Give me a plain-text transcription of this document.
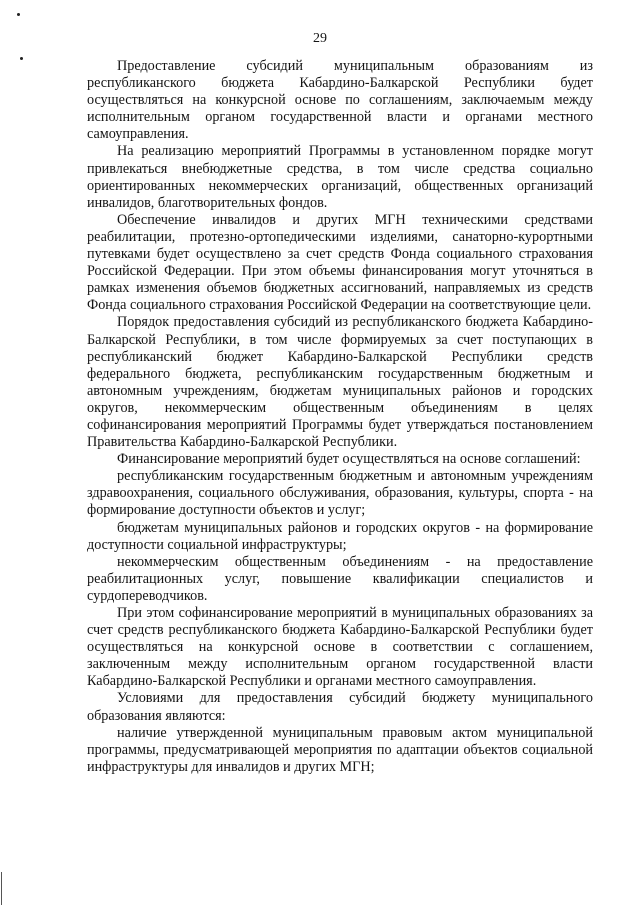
29

Предоставление субсидий муниципальным образованиям из республиканского бюджета Кабардино-Балкарской Республики будет осуществляться на конкурсной основе по соглашениям, заключаемым между исполнительным органом государственной власти и органами местного самоуправления.

На реализацию мероприятий Программы в установленном порядке могут привлекаться внебюджетные средства, в том числе средства социально ориентированных некоммерческих организаций, общественных организаций инвалидов, благотворительных фондов.

Обеспечение инвалидов и других МГН техническими средствами реабилитации, протезно-ортопедическими изделиями, санаторно-курортными путевками будет осуществлено за счет средств Фонда социального страхования Российской Федерации. При этом объемы финансирования могут уточняться в рамках изменения объемов бюджетных ассигнований, направляемых из средств Фонда социального страхования Российской Федерации на соответствующие цели.

Порядок предоставления субсидий из республиканского бюджета Кабардино-Балкарской Республики, в том числе формируемых за счет поступающих в республиканский бюджет Кабардино-Балкарской Республики средств федерального бюджета, республиканским государственным бюджетным и автономным учреждениям, бюджетам муниципальных районов и городских округов, некоммерческим общественным объединениям в целях софинансирования мероприятий Программы будет утверждаться постановлением Правительства Кабардино-Балкарской Республики.

Финансирование мероприятий будет осуществляться на основе соглашений:

республиканским государственным бюджетным и автономным учреждениям здравоохранения, социального обслуживания, образования, культуры, спорта - на формирование доступности объектов и услуг;

бюджетам муниципальных районов и городских округов - на формирование доступности социальной инфраструктуры;

некоммерческим общественным объединениям - на предоставление реабилитационных услуг, повышение квалификации специалистов и сурдопереводчиков.

При этом софинансирование мероприятий в муниципальных образованиях за счет средств республиканского бюджета Кабардино-Балкарской Республики будет осуществляться на конкурсной основе в соответствии с соглашением, заключенным между исполнительным органом государственной власти Кабардино-Балкарской Республики и органами местного самоуправления.

Условиями для предоставления субсидий бюджету муниципального образования являются:

наличие утвержденной муниципальным правовым актом муниципальной программы, предусматривающей мероприятия по адаптации объектов социальной инфраструктуры для инвалидов и других МГН;
